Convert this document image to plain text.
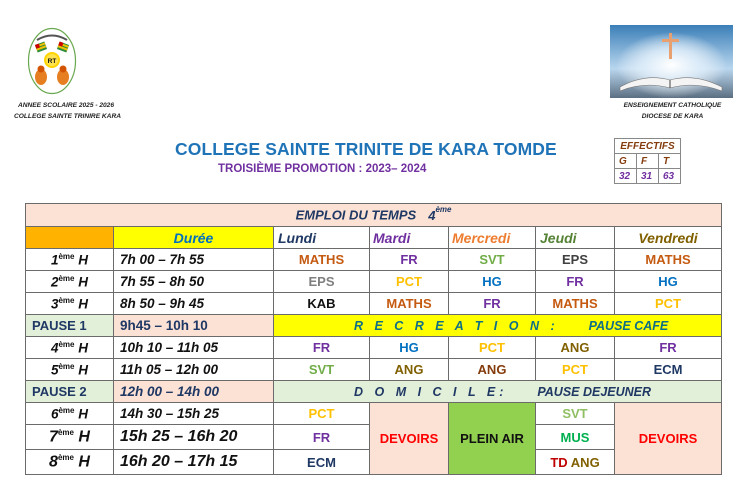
RT
ANNEE SCOLAIRE 2025 - 2026
COLLEGE SAINTE TRINIRE KARA
ENSEIGNEMENT CATHOLIQUE
DIOCESE DE KARA
COLLEGE SAINTE TRINITE DE KARA TOMDE
TROISIÈME PROMOTION : 2023– 2024
EFFECTIFS		
G	F	T
32	31	63
EMPLOI DU TEMPS 4ème
	Durée	Lundi	Mardi	Mercredi	Jeudi	Vendredi
1ème H	7h 00 – 7h 55	MATHS	FR	SVT	EPS	MATHS
2ème H	7h 55 – 8h 50	EPS	PCT	HG	FR	HG
3ème H	8h 50 – 9h 45	KAB	MATHS	FR	MATHS	PCT
PAUSE 1	9h45 – 10h 10	R E C R E A T I O N : PAUSE CAFE				
4ème H	10h 10 – 11h 05	FR	HG	PCT	ANG	FR
5ème H	11h 05 – 12h 00	SVT	ANG	ANG	PCT	ECM
PAUSE 2	12h 00 – 14h 00	D O M I C I L E: PAUSE DEJEUNER				
6ème H	14h 30 – 15h 25	PCT	DEVOIRS	PLEIN AIR	SVT	DEVOIRS
7ème H	15h 25 – 16h 20	FR			MUS	
8ème H	16h 20 – 17h 15	ECM			TD ANG	
